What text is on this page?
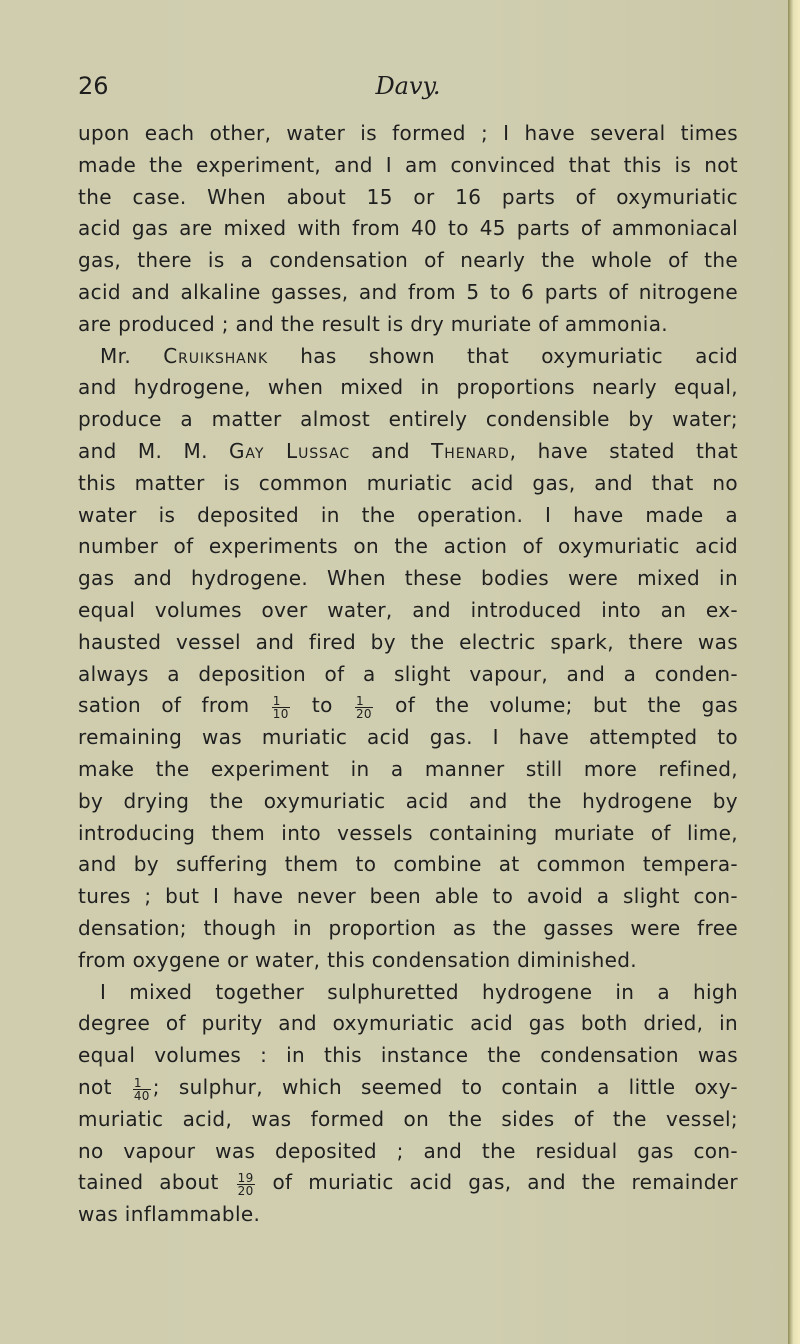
26	Davy.
upon each other, water is formed ; I have several times
made the experiment, and I am convinced that this is not
the case. When about 15 or 16 parts of oxymuriatic
acid gas are mixed with from 40 to 45 parts of ammoniacal
gas, there is a condensation of nearly the whole of the
acid and alkaline gasses, and from 5 to 6 parts of nitrogene
are produced ; and the result is dry muriate of ammonia.
Mr. Cruikshank has shown that oxymuriatic acid
and hydrogene, when mixed in proportions nearly equal,
produce a matter almost entirely condensible by water;
and M. M. Gay Lussac and Thenard, have stated that
this matter is common muriatic acid gas, and that no
water is deposited in the operation. I have made a
number of experiments on the action of oxymuriatic acid
gas and hydrogene. When these bodies were mixed in
equal volumes over water, and introduced into an ex-
hausted vessel and fired by the electric spark, there was
always a deposition of a slight vapour, and a conden-
sation of from $\frac{1}{10}$ to $\frac{1}{20}$ of the volume; but the gas
remaining was muriatic acid gas. I have attempted to
make the experiment in a manner still more refined,
by drying the oxymuriatic acid and the hydrogene by
introducing them into vessels containing muriate of lime,
and by suffering them to combine at common tempera-
tures ; but I have never been able to avoid a slight con-
densation; though in proportion as the gasses were free
from oxygene or water, this condensation diminished.
I mixed together sulphuretted hydrogene in a high
degree of purity and oxymuriatic acid gas both dried, in
equal volumes : in this instance the condensation was
not $\frac{1}{40}$ ; sulphur, which seemed to contain a little oxy-
muriatic acid, was formed on the sides of the vessel;
no vapour was deposited ; and the residual gas con-
tained about $\frac{19}{20}$ of muriatic acid gas, and the remainder
was inflammable.
